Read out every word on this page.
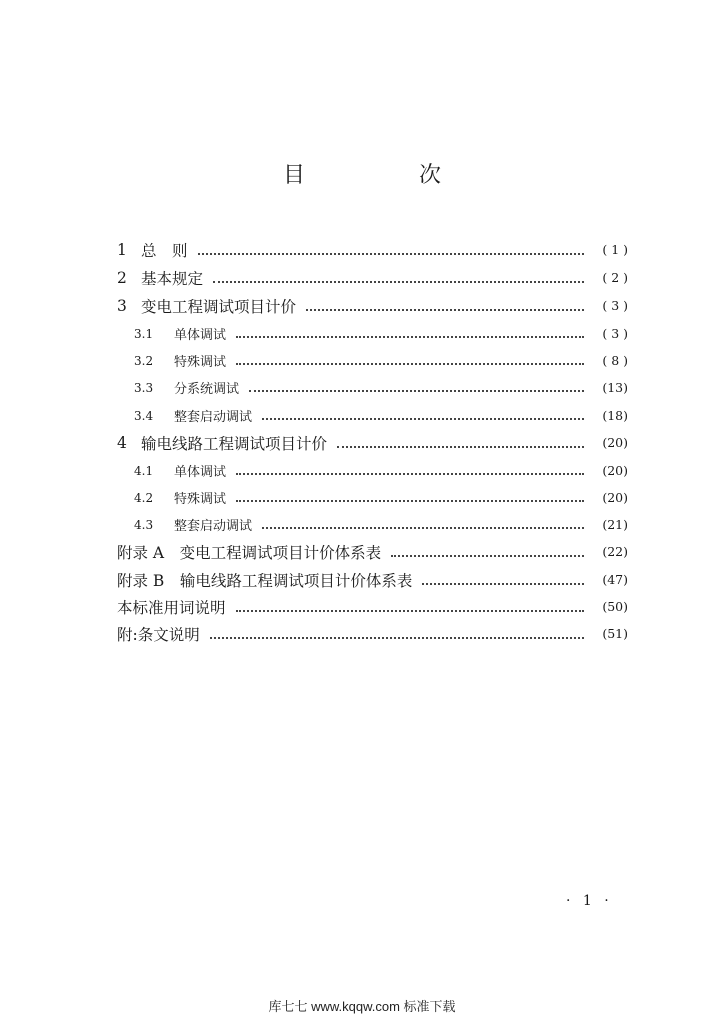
目　次
1 总　则	( 1 )
2 基本规定	( 2 )
3 变电工程调试项目计价	( 3 )
3.1	单体调试	( 3 )
3.2	特殊调试	( 8 )
3.3	分系统调试	(13)
3.4	整套启动调试	(18)
4 输电线路工程调试项目计价	(20)
4.1	单体调试	(20)
4.2	特殊调试	(20)
4.3	整套启动调试	(21)
附录 A　变电工程调试项目计价体系表	(22)
附录 B　输电线路工程调试项目计价体系表	(47)
本标准用词说明	(50)
附:条文说明	(51)
· 1 ·
库七七 www.kqqw.com 标准下载
